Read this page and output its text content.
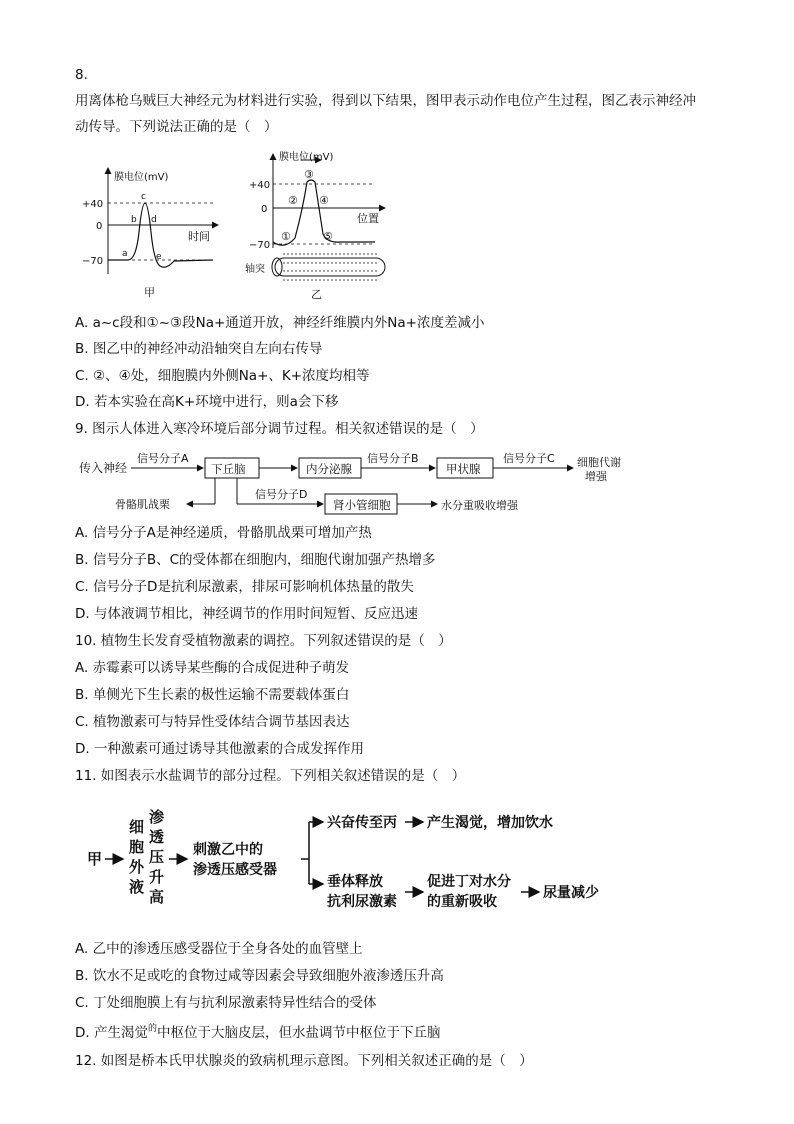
8.
用离体枪乌贼巨大神经元为材料进行实验，得到以下结果，图甲表示动作电位产生过程，图乙表示神经冲
动传导。下列说法正确的是（　）
膜电位(mV)
时间
+40
0
−70
a
b
c
d
e
甲
膜电位(mV)
位置
+40
0
−70
①
②
③
④
⑤
轴突
乙
A. a~c段和①~③段Na+通道开放，神经纤维膜内外Na+浓度差减小
B. 图乙中的神经冲动沿轴突自左向右传导
C. ②、④处，细胞膜内外侧Na+、K+浓度均相等
D. 若本实验在高K+环境中进行，则a会下移
9. 图示人体进入寒冷环境后部分调节过程。相关叙述错误的是（　）
传入神经
信号分子A
下丘脑	内分泌腺
信号分子B
甲状腺
信号分子C 细胞代谢
增强
骨骼肌战栗
信号分子D
肾小管细胞	水分重吸收增强
A. 信号分子A是神经递质，骨骼肌战栗可增加产热
B. 信号分子B、C的受体都在细胞内，细胞代谢加强产热增多
C. 信号分子D是抗利尿激素，排尿可影响机体热量的散失
D. 与体液调节相比，神经调节的作用时间短暂、反应迅速
10. 植物生长发育受植物激素的调控。下列叙述错误的是（　）
A. 赤霉素可以诱导某些酶的合成促进种子萌发
B. 单侧光下生长素的极性运输不需要载体蛋白
C. 植物激素可与特异性受体结合调节基因表达
D. 一种激素可通过诱导其他激素的合成发挥作用
11. 如图表示水盐调节的部分过程。下列相关叙述错误的是（　）
甲
细
胞
外
液
渗
透
压
升
高
刺激乙中的
渗透压感受器
兴奋传至丙 产生渴觉，增加饮水
垂体释放
抗利尿激素
促进丁对水分
的重新吸收
尿量减少
A. 乙中的渗透压感受器位于全身各处的血管壁上
B. 饮水不足或吃的食物过咸等因素会导致细胞外液渗透压升高
C. 丁处细胞膜上有与抗利尿激素特异性结合的受体
D. 产生渴觉$^的$中枢位于大脑皮层，但水盐调节中枢位于下丘脑
12. 如图是桥本氏甲状腺炎的致病机理示意图。下列相关叙述正确的是（　）
